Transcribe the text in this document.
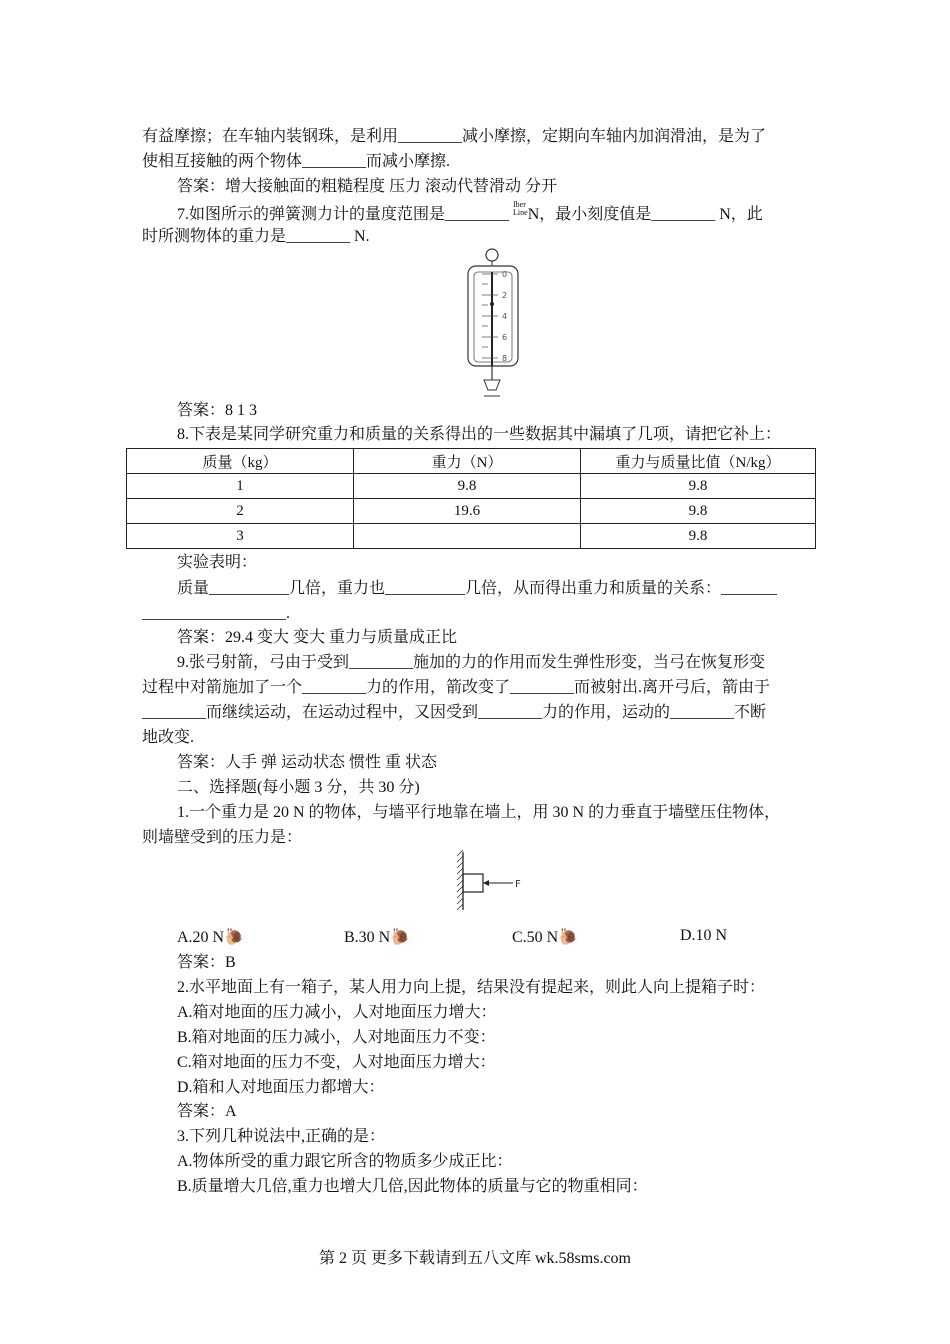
有益摩擦；在车轴内装钢珠，是利用________减小摩擦，定期向车轴内加润滑油，是为了
使相互接触的两个物体________而减小摩擦.
答案：增大接触面的粗糙程度 压力 滚动代替滑动 分开
7.如图所示的弹簧测力计的量度范围是________ Iber
LineN，最小刻度值是________ N，此
时所测物体的重力是________ N.
0
2
4
6
8
答案：8 1 3
8.下表是某同学研究重力和质量的关系得出的一些数据其中漏填了几项，请把它补上：
质量（kg）	重力（N）	重力与质量比值（N/kg）
1	9.8	9.8
2	19.6	9.8
3		9.8
实验表明：
质量__________几倍，重力也__________几倍，从而得出重力和质量的关系：_______
__________________.
答案：29.4 变大 变大 重力与质量成正比
9.张弓射箭，弓由于受到________施加的力的作用而发生弹性形变，当弓在恢复形变
过程中对箭施加了一个________力的作用，箭改变了________而被射出.离开弓后，箭由于
________而继续运动，在运动过程中，又因受到________力的作用，运动的________不断
地改变.
答案：人手 弹 运动状态 惯性 重 状态
二、选择题(每小题 3 分，共 30 分)
1.一个重力是 20 N 的物体，与墙平行地靠在墙上，用 30 N 的力垂直于墙壁压住物体，
则墙壁受到的压力是：
F
A.20 N🐌	B.30 N🐌	C.50 N🐌	D.10 N
答案：B
2.水平地面上有一箱子，某人用力向上提，结果没有提起来，则此人向上提箱子时：
A.箱对地面的压力减小，人对地面压力增大：
B.箱对地面的压力减小，人对地面压力不变：
C.箱对地面的压力不变，人对地面压力增大：
D.箱和人对地面压力都增大：
答案：A
3.下列几种说法中,正确的是：
A.物体所受的重力跟它所含的物质多少成正比：
B.质量增大几倍,重力也增大几倍,因此物体的质量与它的物重相同：
第 2 页 更多下载请到五八文库 wk.58sms.com
